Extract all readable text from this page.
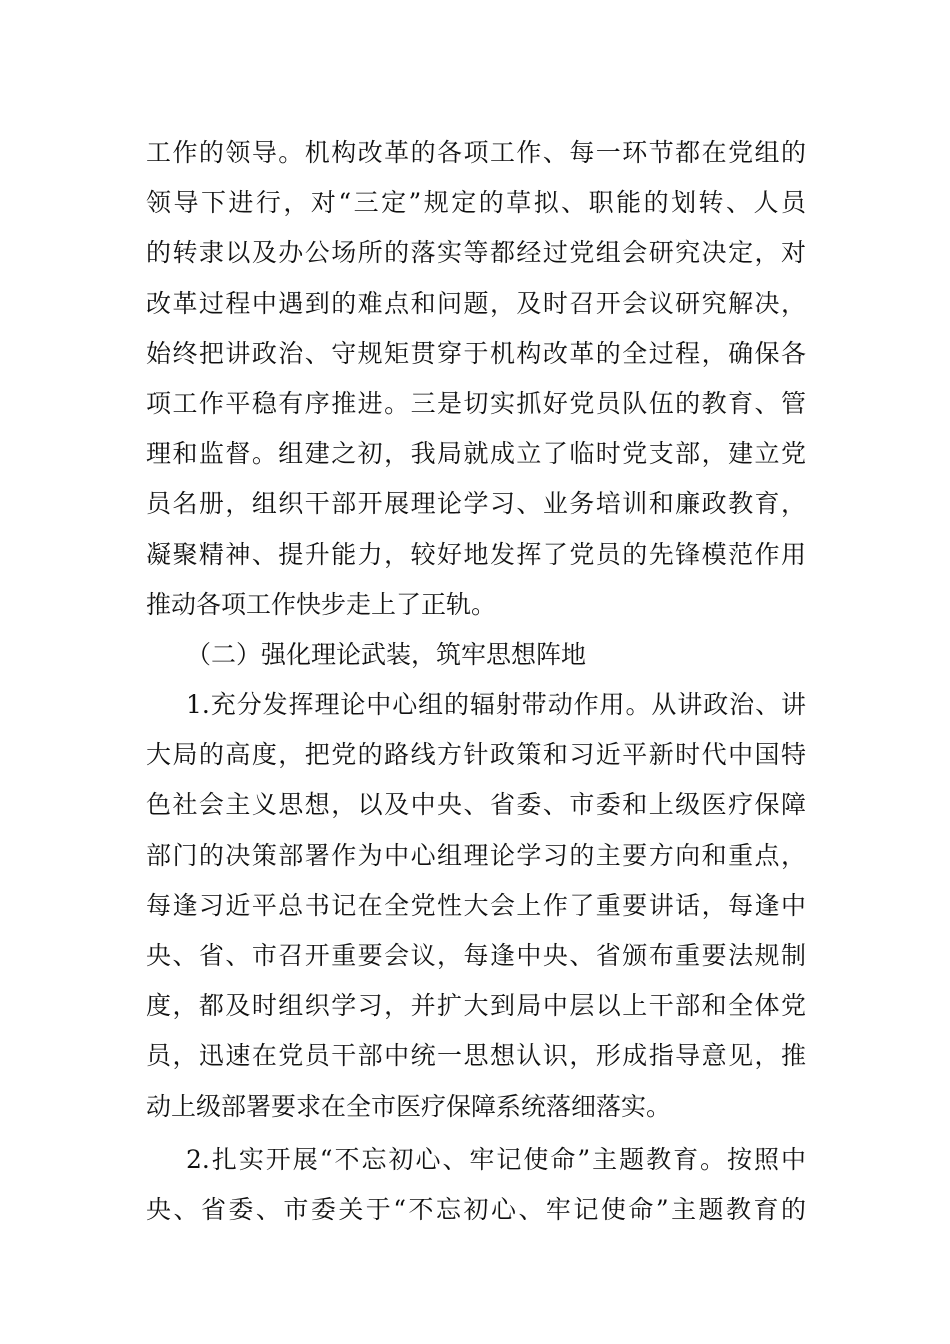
工作的领导。机构改革的各项工作、每一环节都在党组的
领导下进行，对“三定”规定的草拟、职能的划转、人员
的转隶以及办公场所的落实等都经过党组会研究决定，对
改革过程中遇到的难点和问题，及时召开会议研究解决，
始终把讲政治、守规矩贯穿于机构改革的全过程，确保各
项工作平稳有序推进。三是切实抓好党员队伍的教育、管
理和监督。组建之初，我局就成立了临时党支部，建立党
员名册，组织干部开展理论学习、业务培训和廉政教育，
凝聚精神、提升能力，较好地发挥了党员的先锋模范作用
推动各项工作快步走上了正轨。
（二）强化理论武装，筑牢思想阵地
1.充分发挥理论中心组的辐射带动作用。从讲政治、讲
大局的高度，把党的路线方针政策和习近平新时代中国特
色社会主义思想，以及中央、省委、市委和上级医疗保障
部门的决策部署作为中心组理论学习的主要方向和重点，
每逢习近平总书记在全党性大会上作了重要讲话，每逢中
央、省、市召开重要会议，每逢中央、省颁布重要法规制
度，都及时组织学习，并扩大到局中层以上干部和全体党
员，迅速在党员干部中统一思想认识，形成指导意见，推
动上级部署要求在全市医疗保障系统落细落实。
2.扎实开展“不忘初心、牢记使命”主题教育。按照中
央、省委、市委关于“不忘初心、牢记使命”主题教育的
